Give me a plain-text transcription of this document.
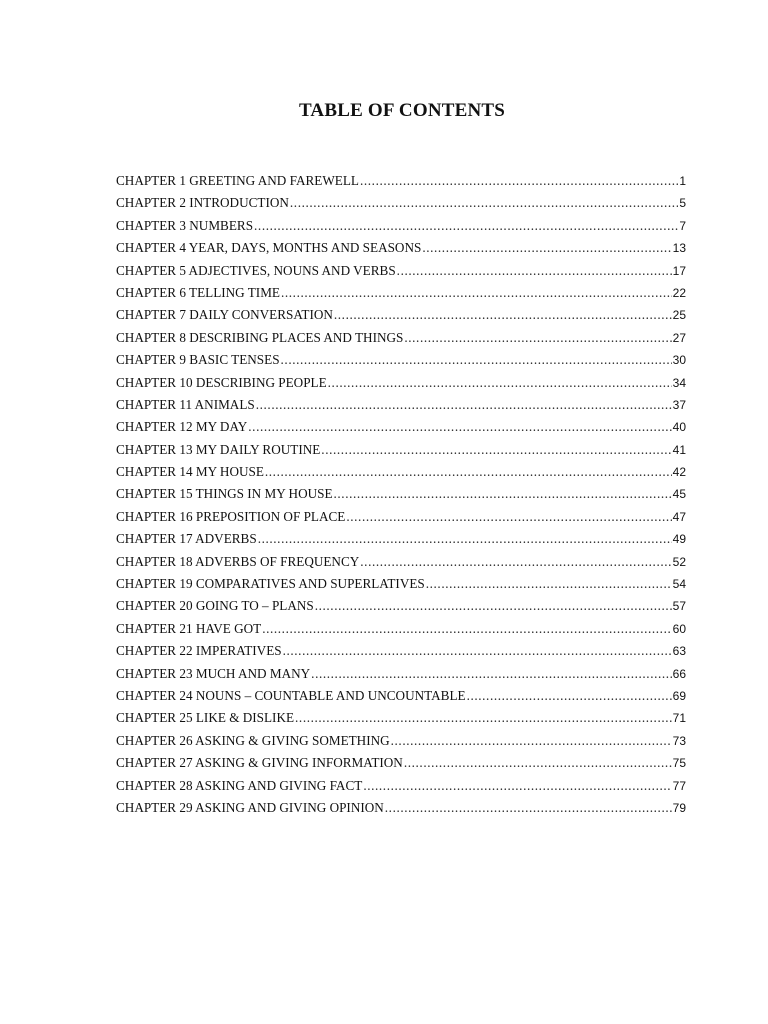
TABLE OF CONTENTS
CHAPTER 1 GREETING AND FAREWELL .....	1
CHAPTER 2 INTRODUCTION .....	5
CHAPTER 3 NUMBERS .....	7
CHAPTER 4 YEAR, DAYS, MONTHS AND SEASONS .....	13
CHAPTER 5 ADJECTIVES, NOUNS AND VERBS .....	17
CHAPTER 6 TELLING TIME .....	22
CHAPTER 7 DAILY CONVERSATION .....	25
CHAPTER 8 DESCRIBING PLACES AND THINGS .....	27
CHAPTER 9 BASIC TENSES .....	30
CHAPTER 10 DESCRIBING PEOPLE .....	34
CHAPTER 11 ANIMALS .....	37
CHAPTER 12 MY DAY .....	40
CHAPTER 13 MY DAILY ROUTINE .....	41
CHAPTER 14 MY HOUSE .....	42
CHAPTER 15 THINGS IN MY HOUSE .....	45
CHAPTER 16 PREPOSITION OF PLACE .....	47
CHAPTER 17 ADVERBS .....	49
CHAPTER 18 ADVERBS OF FREQUENCY .....	52
CHAPTER 19 COMPARATIVES AND SUPERLATIVES .....	54
CHAPTER 20 GOING TO – PLANS .....	57
CHAPTER 21 HAVE GOT .....	60
CHAPTER 22 IMPERATIVES .....	63
CHAPTER 23 MUCH AND MANY .....	66
CHAPTER 24 NOUNS – COUNTABLE AND UNCOUNTABLE .....	69
CHAPTER 25 LIKE & DISLIKE .....	71
CHAPTER 26 ASKING & GIVING SOMETHING .....	73
CHAPTER 27 ASKING & GIVING INFORMATION .....	75
CHAPTER 28 ASKING AND GIVING FACT .....	77
CHAPTER 29 ASKING AND GIVING OPINION .....	79
